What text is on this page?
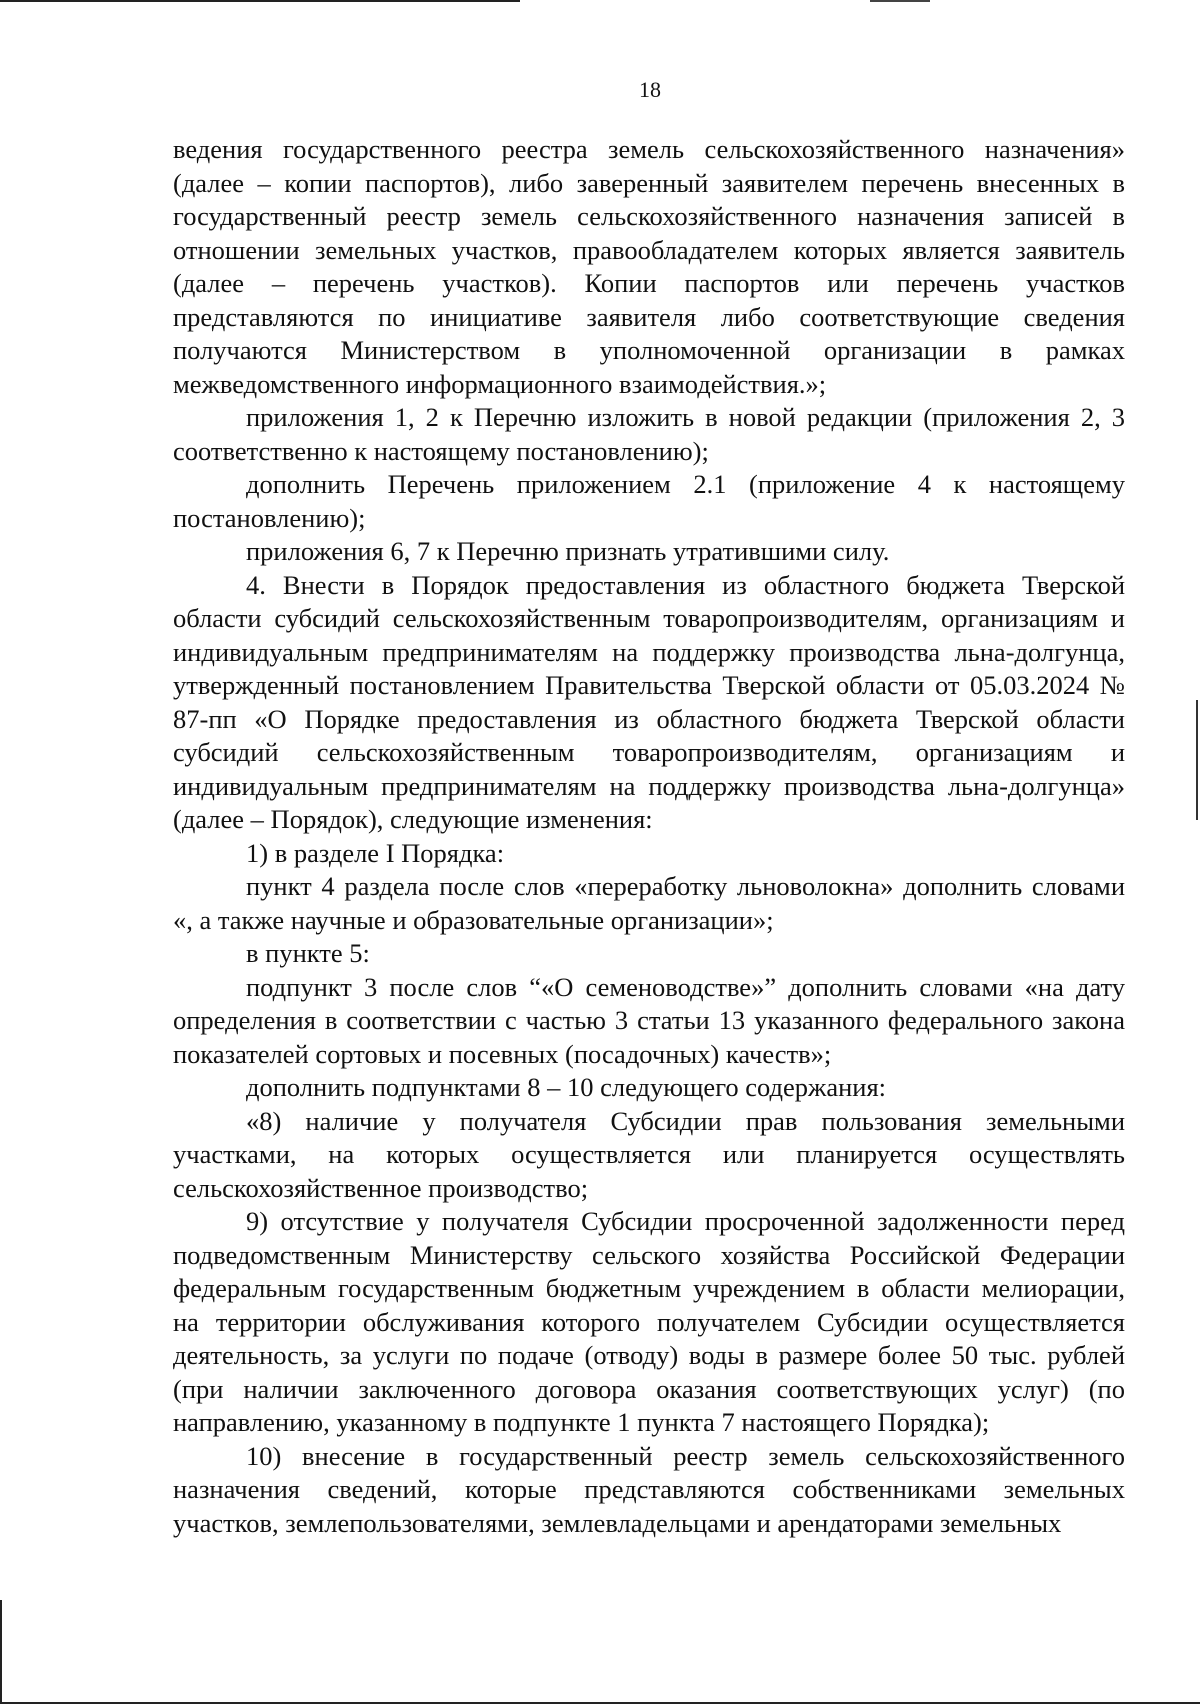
18

ведения государственного реестра земель сельскохозяйственного назначения» (далее – копии паспортов), либо заверенный заявителем перечень внесенных в государственный реестр земель сельскохозяйственного назначения записей в отношении земельных участков, правообладателем которых является заявитель (далее – перечень участков). Копии паспортов или перечень участков представляются по инициативе заявителя либо соответствующие сведения получаются Министерством в уполномоченной организации в рамках межведомственного информационного взаимодействия.»;

приложения 1, 2 к Перечню изложить в новой редакции (приложения 2, 3 соответственно к настоящему постановлению);

дополнить Перечень приложением 2.1 (приложение 4 к настоящему постановлению);

приложения 6, 7 к Перечню признать утратившими силу.

4. Внести в Порядок предоставления из областного бюджета Тверской области субсидий сельскохозяйственным товаропроизводителям, организациям и индивидуальным предпринимателям на поддержку производства льна-долгунца, утвержденный постановлением Правительства Тверской области от 05.03.2024 № 87-пп «О Порядке предоставления из областного бюджета Тверской области субсидий сельскохозяйственным товаропроизводителям, организациям и индивидуальным предпринимателям на поддержку производства льна-долгунца» (далее – Порядок), следующие изменения:

1) в разделе I Порядка:

пункт 4 раздела после слов «переработку льноволокна» дополнить словами «, а также научные и образовательные организации»;

в пункте 5:

подпункт 3 после слов “«О семеноводстве»” дополнить словами «на дату определения в соответствии с частью 3 статьи 13 указанного федерального закона показателей сортовых и посевных (посадочных) качеств»;

дополнить подпунктами 8 – 10 следующего содержания:

«8) наличие у получателя Субсидии прав пользования земельными участками, на которых осуществляется или планируется осуществлять сельскохозяйственное производство;

9) отсутствие у получателя Субсидии просроченной задолженности перед подведомственным Министерству сельского хозяйства Российской Федерации федеральным государственным бюджетным учреждением в области мелиорации, на территории обслуживания которого получателем Субсидии осуществляется деятельность, за услуги по подаче (отводу) воды в размере более 50 тыс. рублей (при наличии заключенного договора оказания соответствующих услуг) (по направлению, указанному в подпункте 1 пункта 7 настоящего Порядка);

10) внесение в государственный реестр земель сельскохозяйственного назначения сведений, которые представляются собственниками земельных участков, землепользователями, землевладельцами и арендаторами земельных
